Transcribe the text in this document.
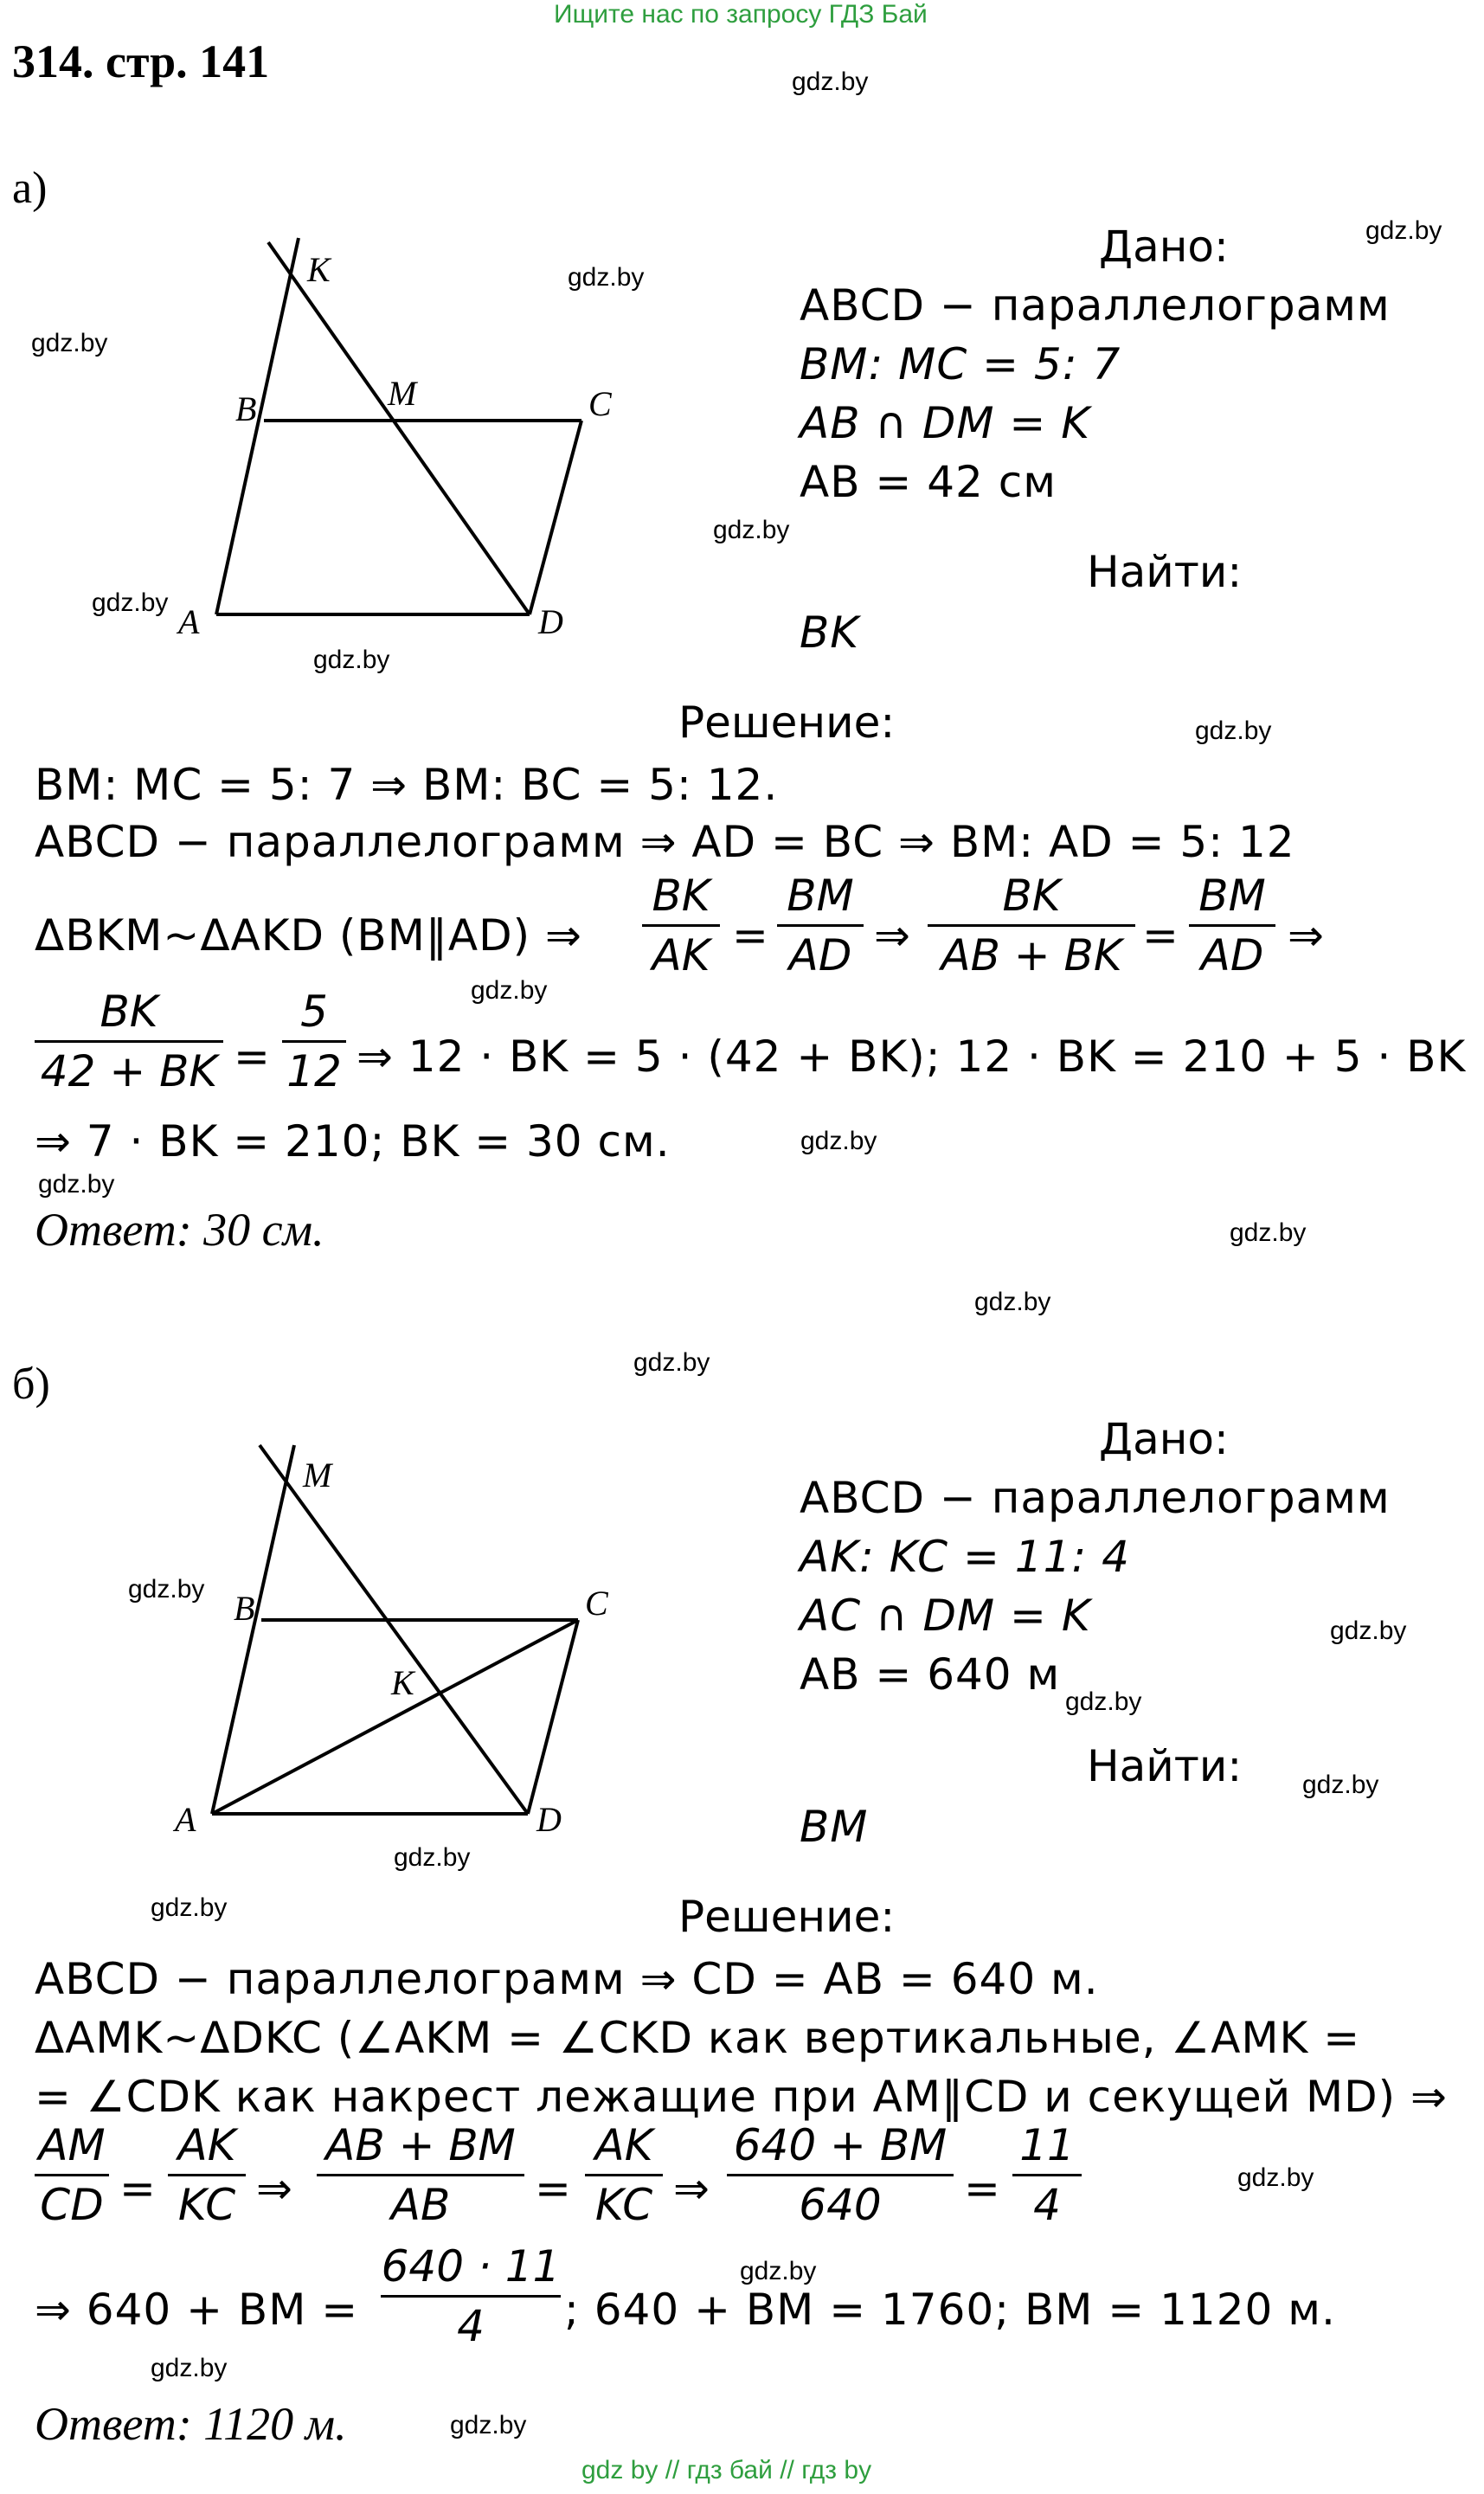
Ищите нас по запросу ГДЗ Бай
314. стр. 141	gdz.by
gdz.by
gdz.by
gdz.by
gdz.by
gdz.by
gdz.by
gdz.by
gdz.by
gdz.by
gdz.by
gdz.by
gdz.by
gdz.by
gdz.by
gdz.by
gdz.by
gdz.by
gdz.by
gdz.by
gdz.by
gdz.by
gdz.by
gdz.by
а)
K
B	M	C
A	D
Дано:
ABCD − параллелограмм
BM: MC = 5: 7
AB ∩ DM = K
AB = 42 см
Найти:
BK
Решение:
BM: MC = 5: 7 ⇒ BM: BC = 5: 12.
ABCD − параллелограмм ⇒ AD = BC ⇒ BM: AD = 5: 12
ΔBKM~ΔAKD (BM‖AD) ⇒
BK
AK =
BM
AD ⇒
BK
AB + BK =
BM
AD ⇒
BK
42 + BK =
5
12 ⇒ 12 · BK = 5 · (42 + BK); 12 · BK = 210 + 5 · BK
⇒ 7 · BK = 210; BK = 30 см.
Ответ: 30 см.
б)
M
B	C
K
A	D
Дано:
ABCD − параллелограмм
AK: KC = 11: 4
AC ∩ DM = K
AB = 640 м
Найти:
BM
Решение:
ABCD − параллелограмм ⇒ CD = AB = 640 м.
ΔAMK~ΔDKC (∠AKM = ∠CKD как вертикальные, ∠AMK =
= ∠CDK как накрест лежащие при AM‖CD и секущей MD) ⇒
AM
CD =
AK
KC ⇒
AB + BM
AB	=
AK
KC ⇒
640 + BM
640	=
11
4
⇒ 640 + BM =
640 · 11
4	; 640 + BM = 1760; BM = 1120 м.
Ответ: 1120 м.
gdz by // гдз бай // гдз by
